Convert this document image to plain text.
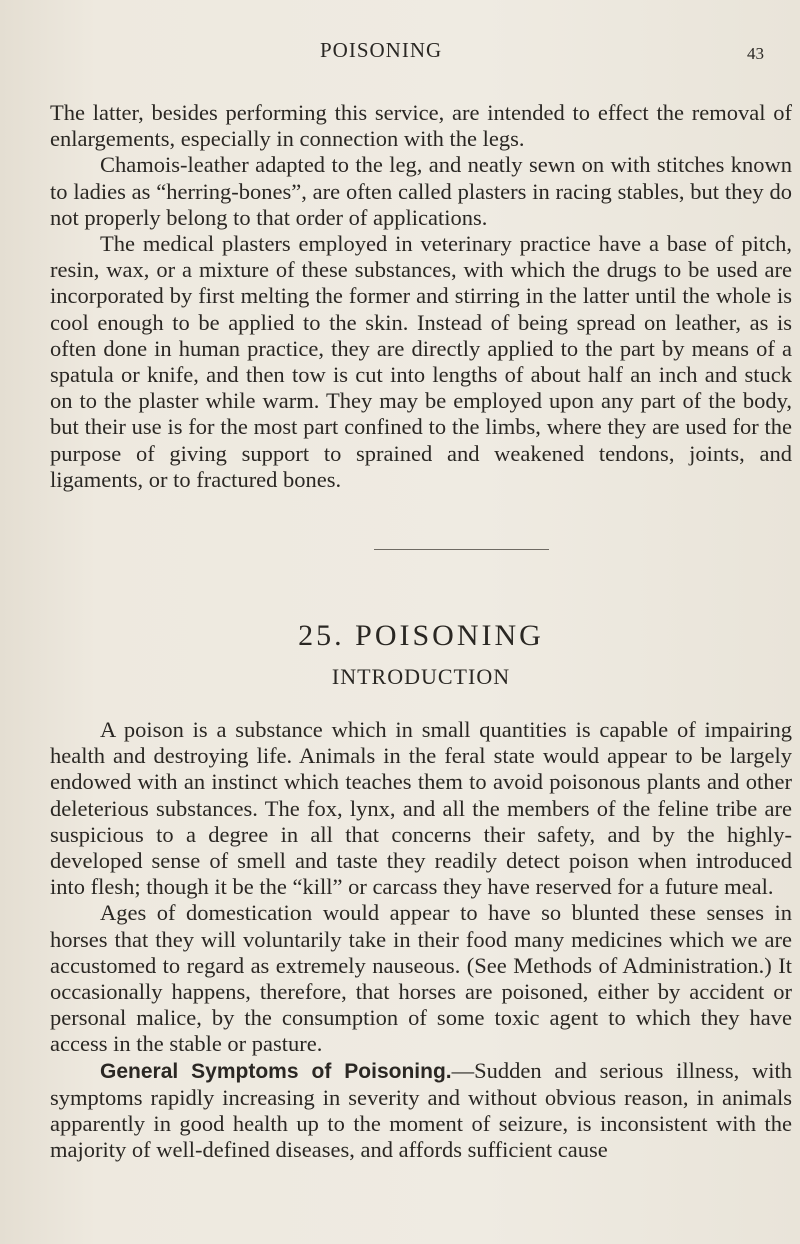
POISONING	43

The latter, besides performing this service, are intended to effect the removal of enlargements, especially in connection with the legs.

Chamois-leather adapted to the leg, and neatly sewn on with stitches known to ladies as “herring-bones”, are often called plasters in racing stables, but they do not properly belong to that order of applications.

The medical plasters employed in veterinary practice have a base of pitch, resin, wax, or a mixture of these substances, with which the drugs to be used are incorporated by first melting the former and stirring in the latter until the whole is cool enough to be applied to the skin. Instead of being spread on leather, as is often done in human practice, they are directly applied to the part by means of a spatula or knife, and then tow is cut into lengths of about half an inch and stuck on to the plaster while warm. They may be employed upon any part of the body, but their use is for the most part confined to the limbs, where they are used for the purpose of giving support to sprained and weakened tendons, joints, and ligaments, or to fractured bones.

25. POISONING
INTRODUCTION

A poison is a substance which in small quantities is capable of impairing health and destroying life. Animals in the feral state would appear to be largely endowed with an instinct which teaches them to avoid poisonous plants and other deleterious substances. The fox, lynx, and all the members of the feline tribe are suspicious to a degree in all that concerns their safety, and by the highly-developed sense of smell and taste they readily detect poison when introduced into flesh; though it be the “kill” or carcass they have reserved for a future meal.

Ages of domestication would appear to have so blunted these senses in horses that they will voluntarily take in their food many medicines which we are accustomed to regard as extremely nauseous. (See Methods of Administration.) It occasionally happens, therefore, that horses are poisoned, either by accident or personal malice, by the consumption of some toxic agent to which they have access in the stable or pasture.

General Symptoms of Poisoning.—Sudden and serious illness, with symptoms rapidly increasing in severity and without obvious reason, in animals apparently in good health up to the moment of seizure, is inconsistent with the majority of well-defined diseases, and affords sufficient cause
